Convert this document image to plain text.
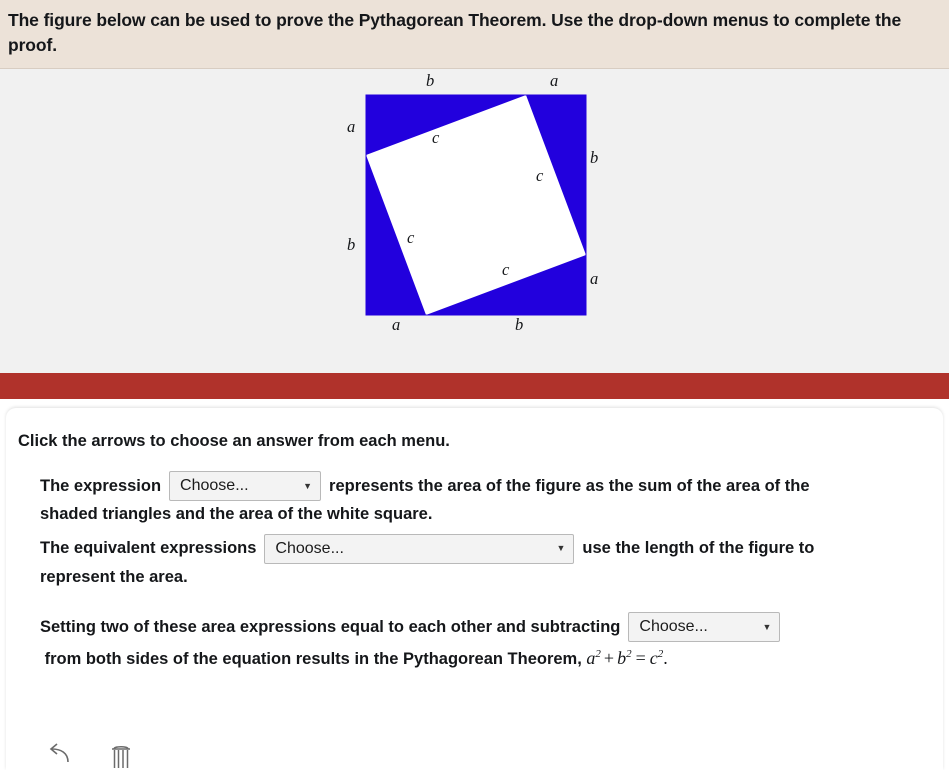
The figure below can be used to prove the Pythagorean Theorem. Use the drop-down menus to complete the proof.
b	a
a
b
b
a
a	b
c
c
c
c
Click the arrows to choose an answer from each menu.
The expression Choose...	▼ represents the area of the figure as the sum of the area of the
shaded triangles and the area of the white square.
The equivalent expressions Choose...	▼ use the length of the figure to
represent the area.
Setting two of these area expressions equal to each other and subtracting Choose...	▼
from both sides of the equation results in the Pythagorean Theorem, $a^2 + b^2 = c^2$.
